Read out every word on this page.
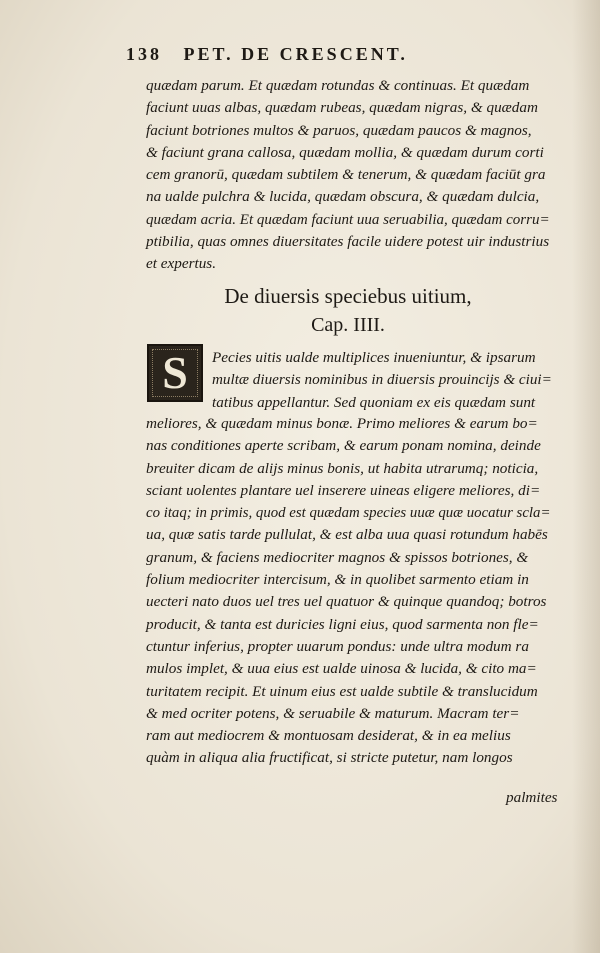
138 PET. DE CRESCENT.
quædam parum. Et quædam rotundas & continuas. Et quædam
faciunt uuas albas, quædam rubeas, quædam nigras, & quædam
faciunt botriones multos & paruos, quædam paucos & magnos,
& faciunt grana callosa, quædam mollia, & quædam durum corti
cem granorū, quædam subtilem & tenerum, & quædam faciūt gra
na ualde pulchra & lucida, quædam obscura, & quædam dulcia,
quædam acria. Et quædam faciunt uua seruabilia, quædam corru=
ptibilia, quas omnes diuersitates facile uidere potest uir industrius
et expertus.
De diuersis speciebus uitium,
Cap. IIII.
S Pecies uitis ualde multiplices inueniuntur, & ipsarum
multæ diuersis nominibus in diuersis prouincijs & ciui=
tatibus appellantur. Sed quoniam ex eis quædam sunt
meliores, & quædam minus bonæ. Primo meliores & earum bo=
nas conditiones aperte scribam, & earum ponam nomina, deinde
breuiter dicam de alijs minus bonis, ut habita utrarumq; noticia,
sciant uolentes plantare uel inserere uineas eligere meliores, di=
co itaq; in primis, quod est quædam species uuæ quæ uocatur scla=
ua, quæ satis tarde pullulat, & est alba uua quasi rotundum habēs
granum, & faciens mediocriter magnos & spissos botriones, &
folium mediocriter intercisum, & in quolibet sarmento etiam in
uecteri nato duos uel tres uel quatuor & quinque quandoq; botros
producit, & tanta est duricies ligni eius, quod sarmenta non fle=
ctuntur inferius, propter uuarum pondus: unde ultra modum ra
mulos implet, & uua eius est ualde uinosa & lucida, & cito ma=
turitatem recipit. Et uinum eius est ualde subtile & translucidum
& med ocriter potens, & seruabile & maturum. Macram ter=
ram aut mediocrem & montuosam desiderat, & in ea melius
quàm in aliqua alia fructificat, si stricte putetur, nam longos
palmites
